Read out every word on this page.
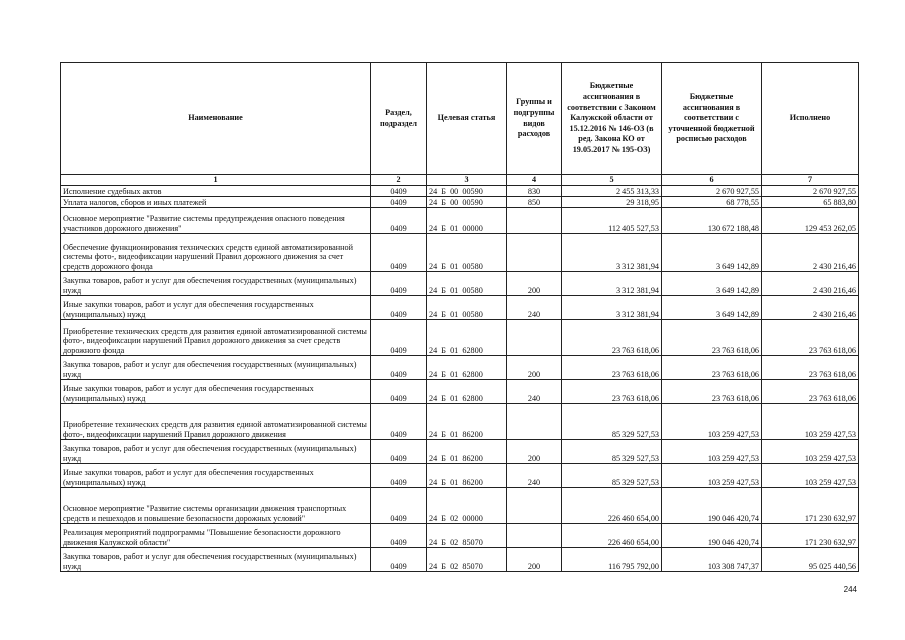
Наименование	Раздел, подраздел	Целевая статья	Группы и подгруппы видов расходов	Бюджетные ассигнования в соответствии с Законом Калужской области от 15.12.2016 № 146-ОЗ (в ред. Закона КО от 19.05.2017 № 195-ОЗ)	Бюджетные ассигнования в соответствии с уточненной бюджетной росписью расходов	Исполнено
1	2	3	4	5	6	7
Исполнение судебных актов	0409	24  Б  00  00590	830	2 455 313,33	2 670 927,55	2 670 927,55
Уплата налогов, сборов и иных платежей	0409	24  Б  00  00590	850	29 318,95	68 778,55	65 883,80
Основное мероприятие "Развитие системы предупреждения опасного поведения участников дорожного движения"	0409	24  Б  01  00000		112 405 527,53	130 672 188,48	129 453 262,05
Обеспечение функционирования технических средств единой автоматизированной системы фото-, видеофиксации нарушений Правил дорожного движения за счет средств дорожного фонда	0409	24  Б  01  00580		3 312 381,94	3 649 142,89	2 430 216,46
Закупка товаров, работ и услуг для обеспечения государственных (муниципальных) нужд	0409	24  Б  01  00580	200	3 312 381,94	3 649 142,89	2 430 216,46
Иные закупки товаров, работ и услуг для обеспечения государственных (муниципальных) нужд	0409	24  Б  01  00580	240	3 312 381,94	3 649 142,89	2 430 216,46
Приобретение технических средств для развития единой автоматизированной системы фото-, видеофиксации нарушений Правил дорожного движения за счет средств дорожного фонда	0409	24  Б  01  62800		23 763 618,06	23 763 618,06	23 763 618,06
Закупка товаров, работ и услуг для обеспечения государственных (муниципальных) нужд	0409	24  Б  01  62800	200	23 763 618,06	23 763 618,06	23 763 618,06
Иные закупки товаров, работ и услуг для обеспечения государственных (муниципальных) нужд	0409	24  Б  01  62800	240	23 763 618,06	23 763 618,06	23 763 618,06
Приобретение технических средств для развития единой автоматизированной системы фото-, видеофиксации нарушений Правил дорожного движения	0409	24  Б  01  86200		85 329 527,53	103 259 427,53	103 259 427,53
Закупка товаров, работ и услуг для обеспечения государственных (муниципальных) нужд	0409	24  Б  01  86200	200	85 329 527,53	103 259 427,53	103 259 427,53
Иные закупки товаров, работ и услуг для обеспечения государственных (муниципальных) нужд	0409	24  Б  01  86200	240	85 329 527,53	103 259 427,53	103 259 427,53
Основное мероприятие "Развитие системы организации движения транспортных средств и пешеходов и повышение безопасности дорожных условий"	0409	24  Б  02  00000		226 460 654,00	190 046 420,74	171 230 632,97
Реализация мероприятий подпрограммы "Повышение безопасности дорожного движения Калужской области"	0409	24  Б  02  85070		226 460 654,00	190 046 420,74	171 230 632,97
Закупка товаров, работ и услуг для обеспечения государственных (муниципальных) нужд	0409	24  Б  02  85070	200	116 795 792,00	103 308 747,37	95 025 440,56
244
